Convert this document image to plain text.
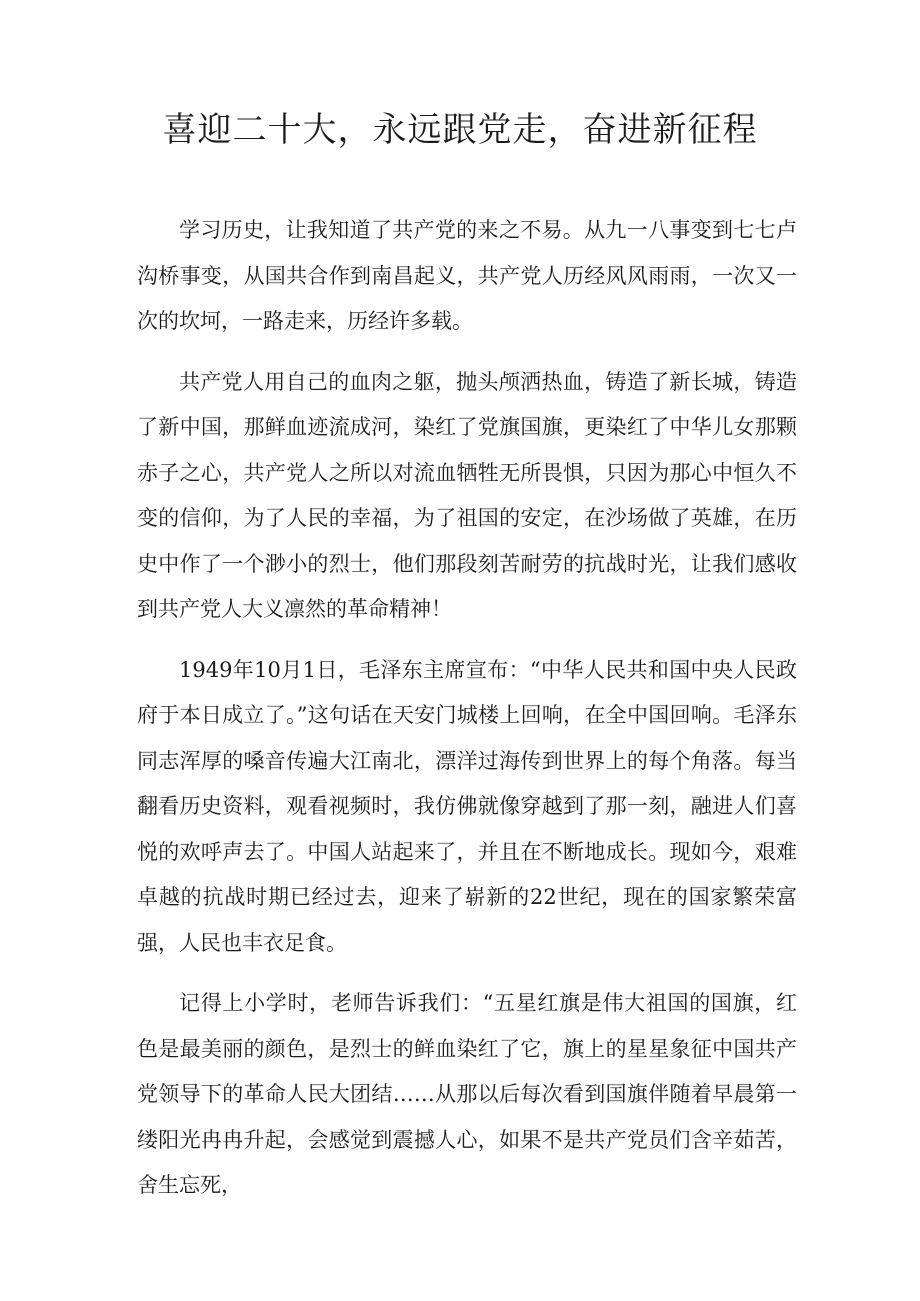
喜迎二十大，永远跟党走，奋进新征程

学习历史，让我知道了共产党的来之不易。从九一八事变到七七卢沟桥事变，从国共合作到南昌起义，共产党人历经风风雨雨，一次又一次的坎坷，一路走来，历经许多载。

共产党人用自己的血肉之躯，抛头颅洒热血，铸造了新长城，铸造了新中国，那鲜血迹流成河，染红了党旗国旗，更染红了中华儿女那颗赤子之心，共产党人之所以对流血牺牲无所畏惧，只因为那心中恒久不变的信仰，为了人民的幸福，为了祖国的安定，在沙场做了英雄，在历史中作了一个渺小的烈士，他们那段刻苦耐劳的抗战时光，让我们感收到共产党人大义凛然的革命精神！

1949年10月1日，毛泽东主席宣布：“中华人民共和国中央人民政府于本日成立了。”这句话在天安门城楼上回响，在全中国回响。毛泽东同志浑厚的嗓音传遍大江南北，漂洋过海传到世界上的每个角落。每当翻看历史资料，观看视频时，我仿佛就像穿越到了那一刻，融进人们喜悦的欢呼声去了。中国人站起来了，并且在不断地成长。现如今，艰难卓越的抗战时期已经过去，迎来了崭新的22世纪，现在的国家繁荣富强，人民也丰衣足食。

记得上小学时，老师告诉我们：“五星红旗是伟大祖国的国旗，红色是最美丽的颜色，是烈士的鲜血染红了它，旗上的星星象征中国共产党领导下的革命人民大团结……从那以后每次看到国旗伴随着早晨第一缕阳光冉冉升起，会感觉到震撼人心，如果不是共产党员们含辛茹苦，舍生忘死，
